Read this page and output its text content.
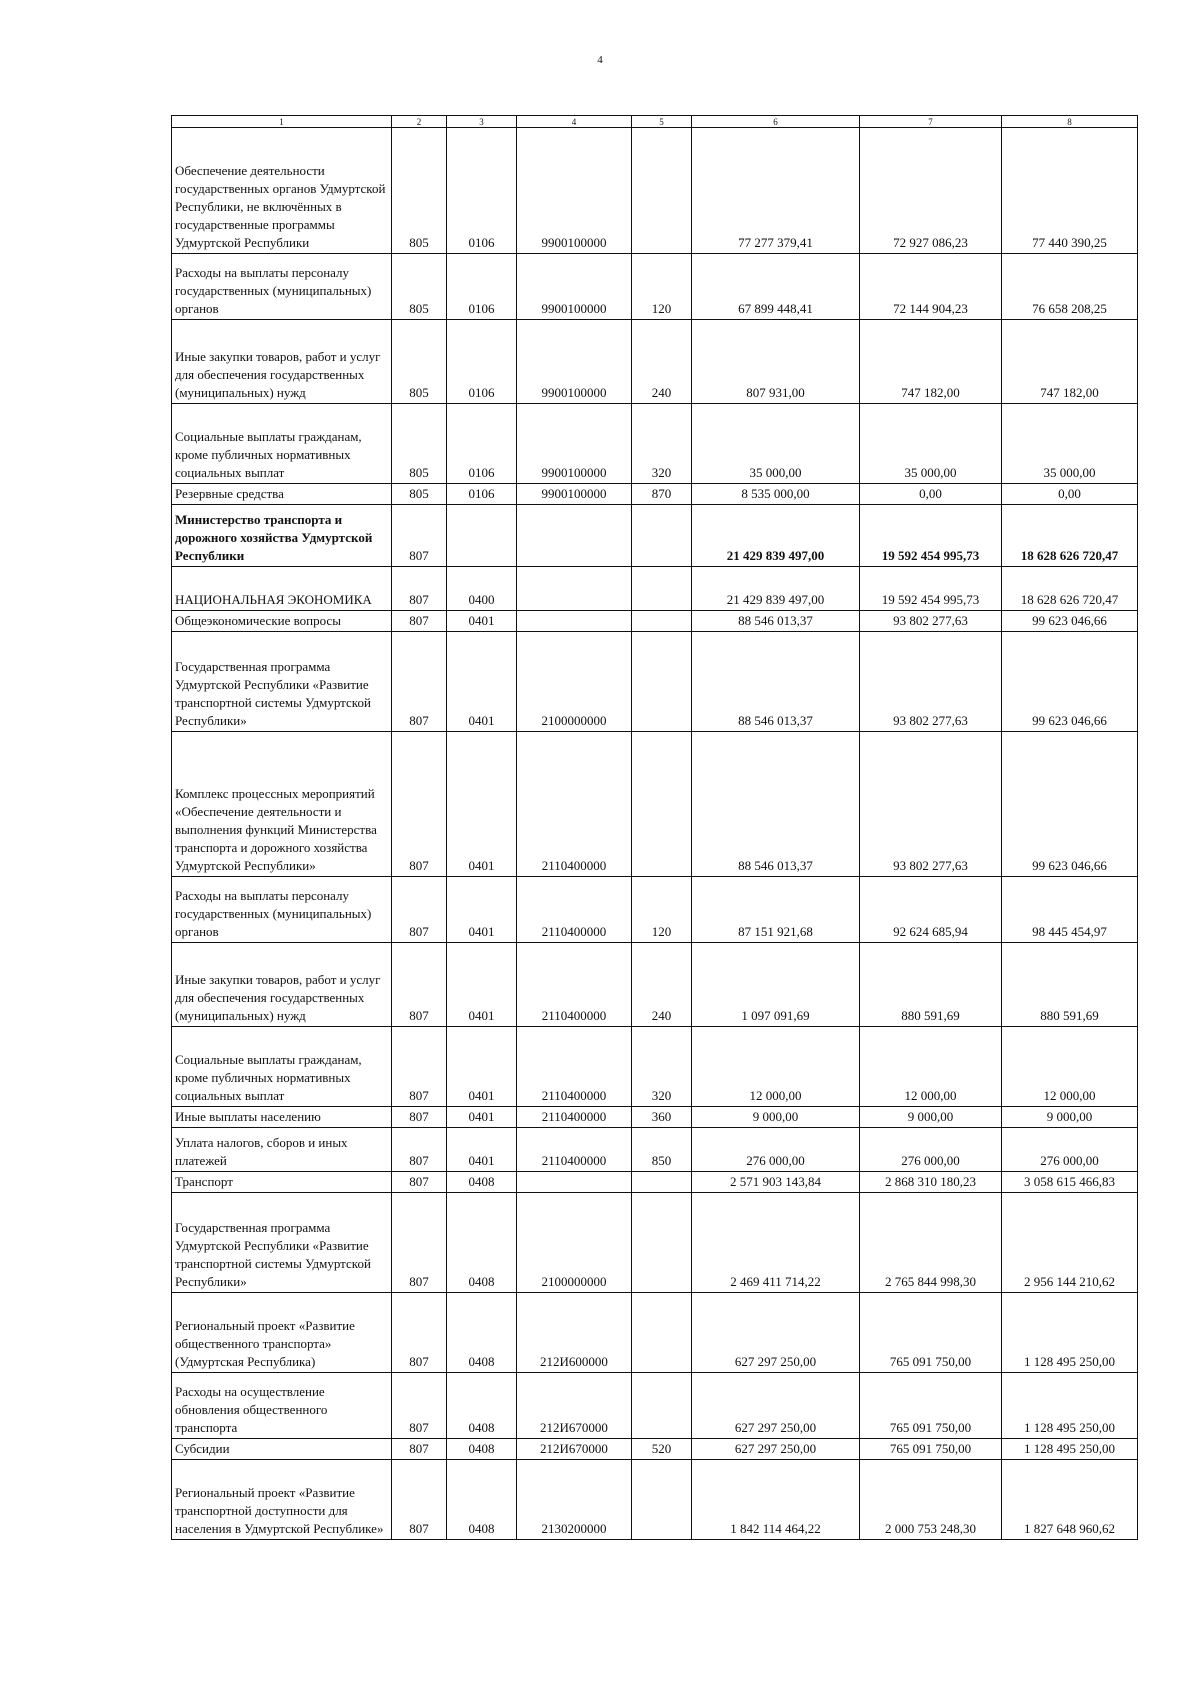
4
1	2	3	4	5	6	7	8
Обеспечение деятельности государственных органов Удмуртской Республики, не включённых в государственные программы Удмуртской Республики	805	0106	9900100000		77 277 379,41	72 927 086,23	77 440 390,25
Расходы на выплаты персоналу государственных (муниципальных) органов	805	0106	9900100000	120	67 899 448,41	72 144 904,23	76 658 208,25
Иные закупки товаров, работ и услуг для обеспечения государственных (муниципальных) нужд	805	0106	9900100000	240	807 931,00	747 182,00	747 182,00
Социальные выплаты гражданам, кроме публичных нормативных социальных выплат	805	0106	9900100000	320	35 000,00	35 000,00	35 000,00
Резервные средства	805	0106	9900100000	870	8 535 000,00	0,00	0,00
Министерство транспорта и дорожного хозяйства Удмуртской Республики	807				21 429 839 497,00	19 592 454 995,73	18 628 626 720,47
НАЦИОНАЛЬНАЯ ЭКОНОМИКА	807	0400			21 429 839 497,00	19 592 454 995,73	18 628 626 720,47
Общеэкономические вопросы	807	0401			88 546 013,37	93 802 277,63	99 623 046,66
Государственная программа Удмуртской Республики «Развитие транспортной системы Удмуртской Республики»	807	0401	2100000000		88 546 013,37	93 802 277,63	99 623 046,66
Комплекс процессных мероприятий «Обеспечение деятельности и выполнения функций Министерства транспорта и дорожного хозяйства Удмуртской Республики»	807	0401	2110400000		88 546 013,37	93 802 277,63	99 623 046,66
Расходы на выплаты персоналу государственных (муниципальных) органов	807	0401	2110400000	120	87 151 921,68	92 624 685,94	98 445 454,97
Иные закупки товаров, работ и услуг для обеспечения государственных (муниципальных) нужд	807	0401	2110400000	240	1 097 091,69	880 591,69	880 591,69
Социальные выплаты гражданам, кроме публичных нормативных социальных выплат	807	0401	2110400000	320	12 000,00	12 000,00	12 000,00
Иные выплаты населению	807	0401	2110400000	360	9 000,00	9 000,00	9 000,00
Уплата налогов, сборов и иных платежей	807	0401	2110400000	850	276 000,00	276 000,00	276 000,00
Транспорт	807	0408			2 571 903 143,84	2 868 310 180,23	3 058 615 466,83
Государственная программа Удмуртской Республики «Развитие транспортной системы Удмуртской Республики»	807	0408	2100000000		2 469 411 714,22	2 765 844 998,30	2 956 144 210,62
Региональный проект «Развитие общественного транспорта» (Удмуртская Республика)	807	0408	212И600000		627 297 250,00	765 091 750,00	1 128 495 250,00
Расходы на осуществление обновления общественного транспорта	807	0408	212И670000		627 297 250,00	765 091 750,00	1 128 495 250,00
Субсидии	807	0408	212И670000	520	627 297 250,00	765 091 750,00	1 128 495 250,00
Региональный проект «Развитие транспортной доступности для населения в Удмуртской Республике»	807	0408	2130200000		1 842 114 464,22	2 000 753 248,30	1 827 648 960,62
